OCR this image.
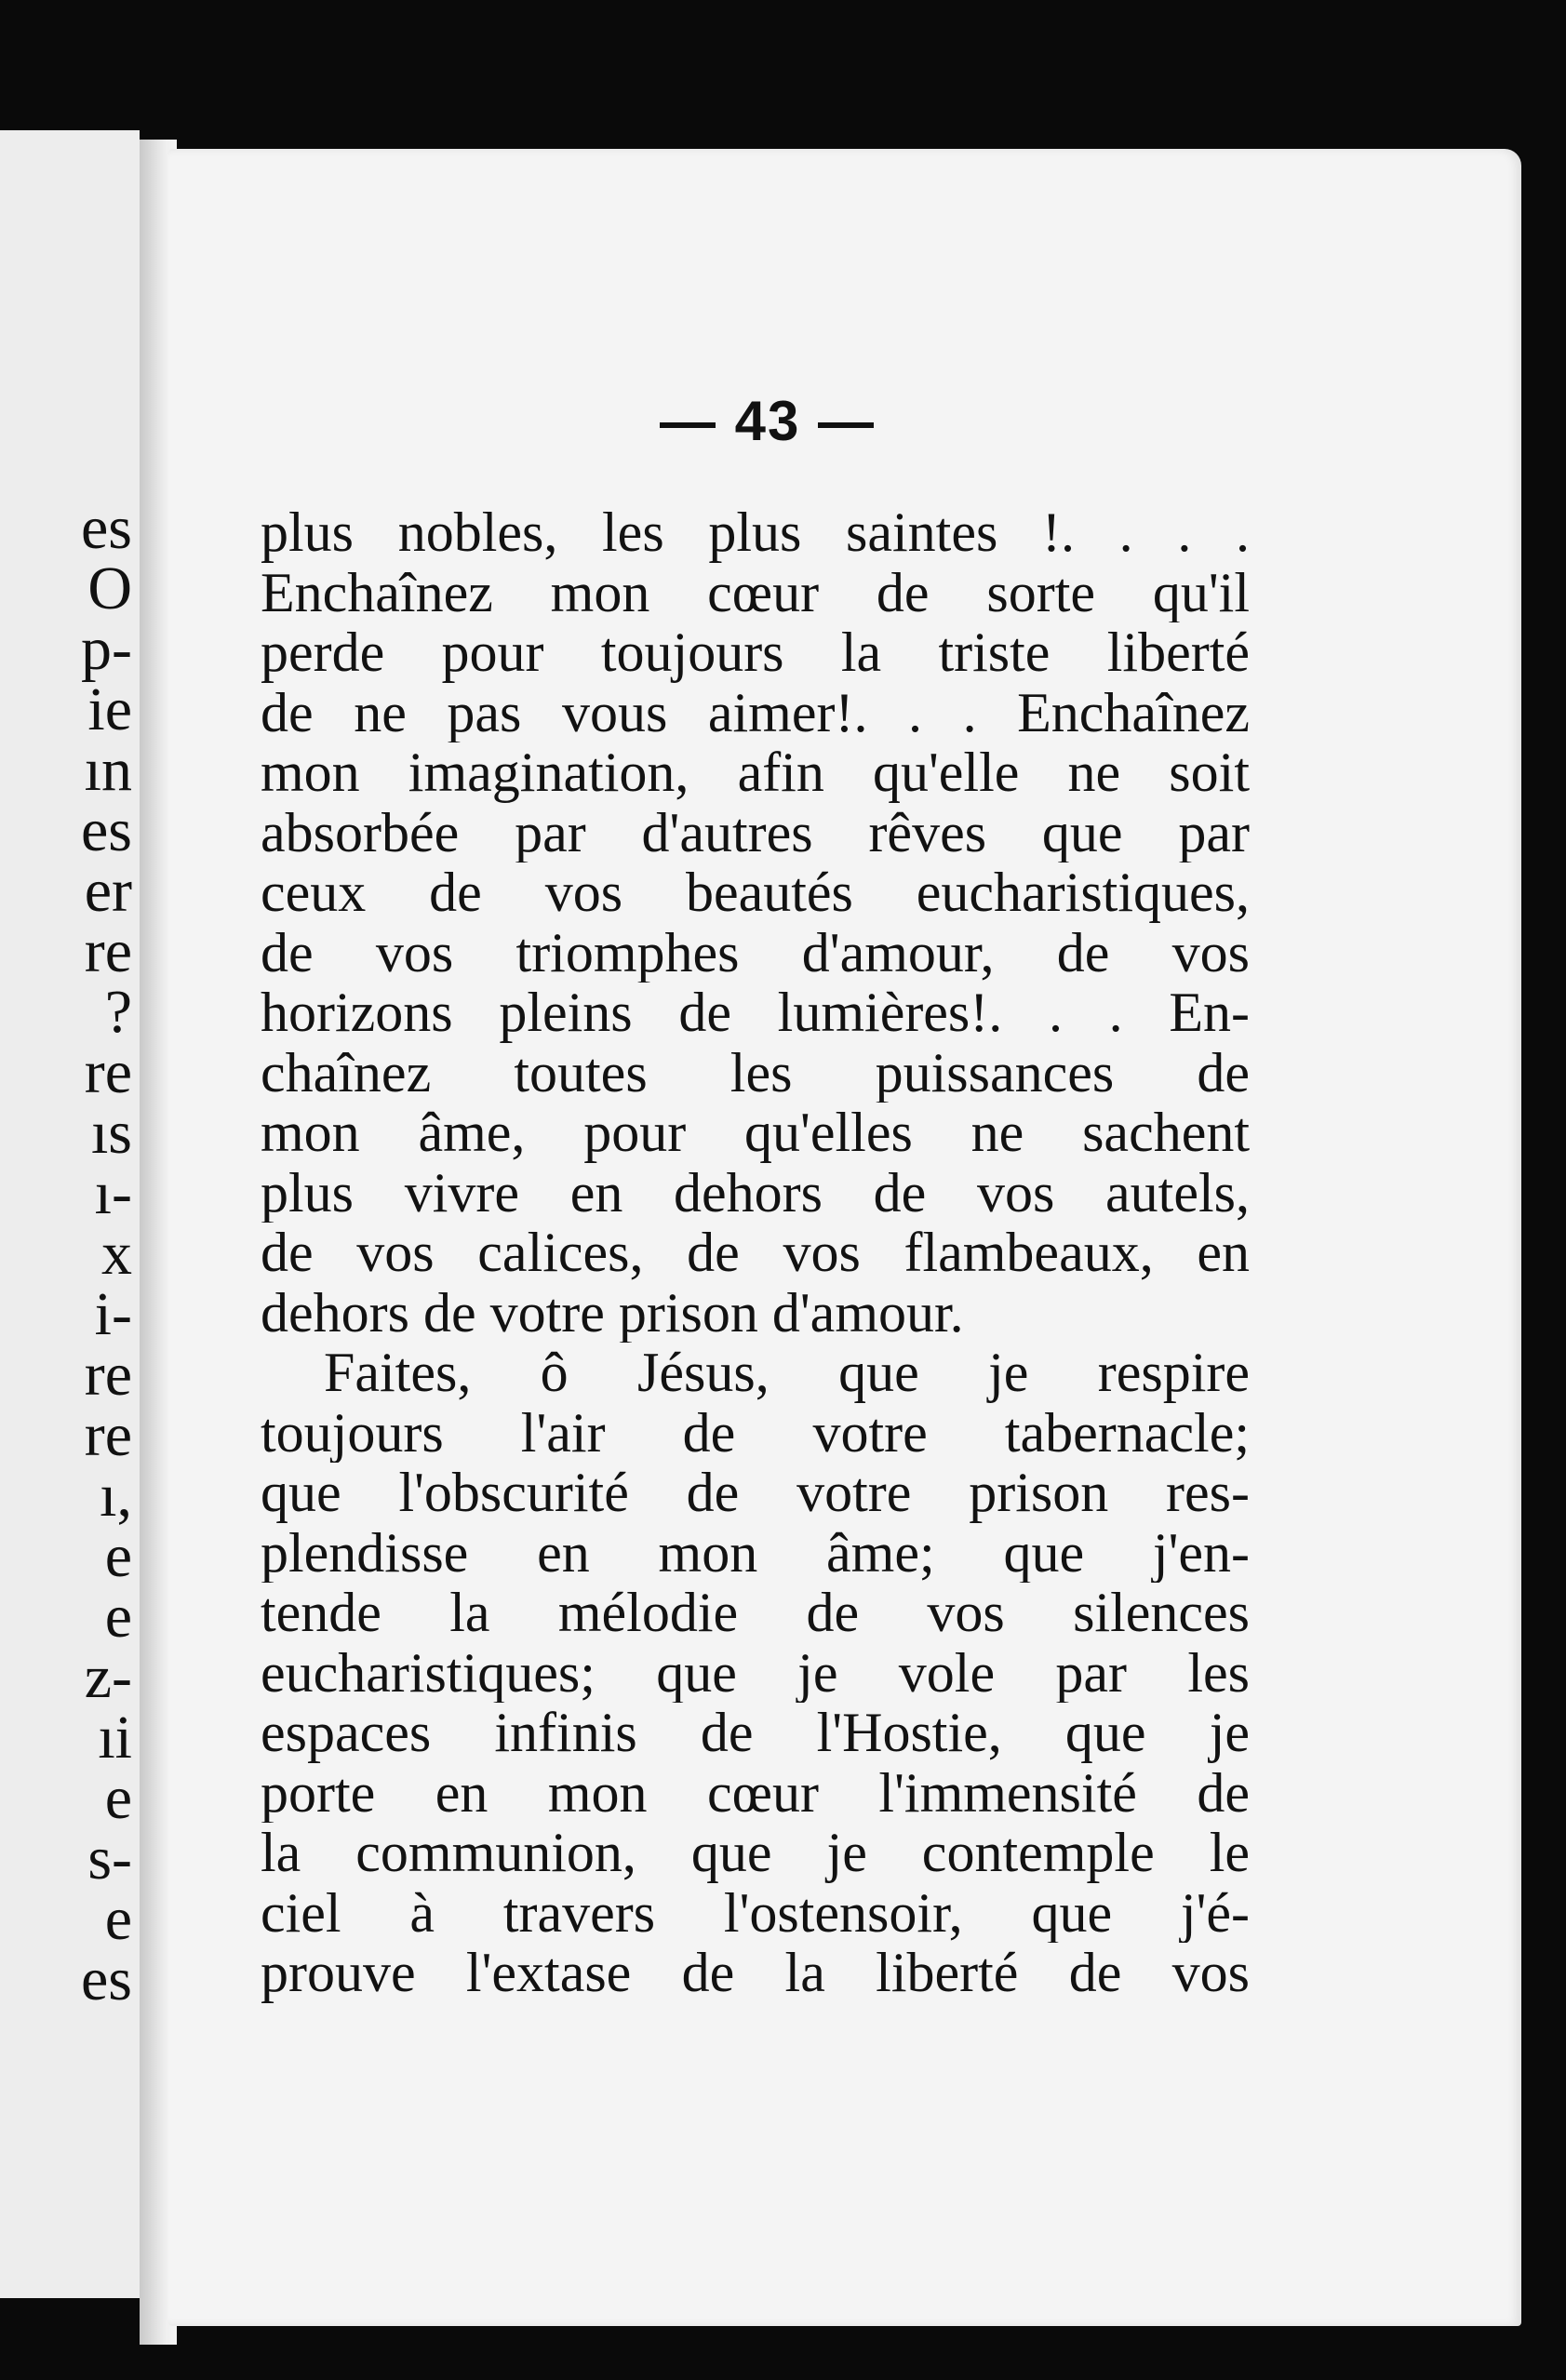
es
O
p-
ie
ın
es
er
re
?
re
ıs
ı-
x
i-
re
re
ı,
e
e
z-
ıi
e
s-
e
es
— 43 —
plus nobles, les plus saintes !. . . .
Enchaînez mon cœur de sorte qu'il
perde pour toujours la triste liberté
de ne pas vous aimer!. . . Enchaînez
mon imagination, afin qu'elle ne soit
absorbée par d'autres rêves que par
ceux de vos beautés eucharistiques,
de vos triomphes d'amour, de vos
horizons pleins de lumières!. . . En-
chaînez toutes les puissances de
mon âme, pour qu'elles ne sachent
plus vivre en dehors de vos autels,
de vos calices, de vos flambeaux, en
dehors de votre prison d'amour.
Faites, ô Jésus, que je respire
toujours l'air de votre tabernacle;
que l'obscurité de votre prison res-
plendisse en mon âme; que j'en-
tende la mélodie de vos silences
eucharistiques; que je vole par les
espaces infinis de l'Hostie, que je
porte en mon cœur l'immensité de
la communion, que je contemple le
ciel à travers l'ostensoir, que j'é-
prouve l'extase de la liberté de vos
